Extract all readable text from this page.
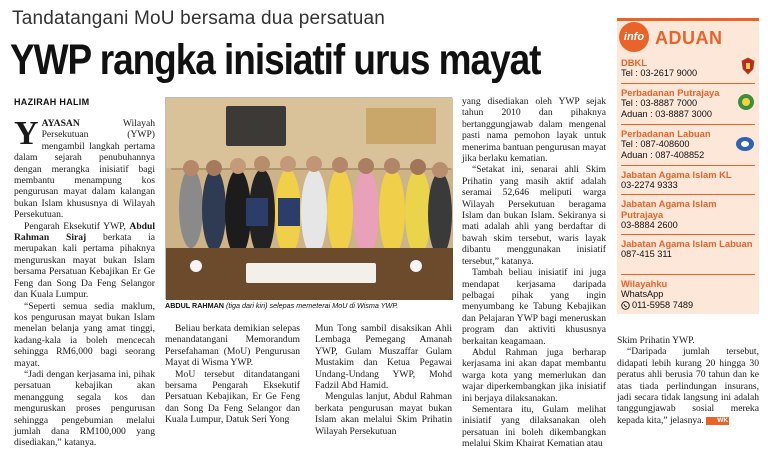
Tandatangani MoU bersama dua persatuan
YWP rangka inisiatif urus mayat
HAZIRAH HALIM

YAYASAN Wilayah Persekutuan (YWP) mengambil langkah pertama dalam sejarah penubuhannya dengan merangka inisiatif bagi membantu menampung kos pengurusan mayat dalam kalangan bukan Islam khususnya di Wilayah Persekutuan.

Pengarah Eksekutif YWP, Abdul Rahman Siraj berkata ia merupakan kali pertama pihaknya menguruskan mayat bukan Islam bersama Persatuan Kebajikan Er Ge Feng dan Song Da Feng Selangor dan Kuala Lumpur.

“Seperti semua sedia maklum, kos pengurusan mayat bukan Islam menelan belanja yang amat tinggi, kadang-kala ia boleh mencecah sehingga RM6,000 bagi seorang mayat.

“Jadi dengan kerjasama ini, pihak persatuan kebajikan akan menanggung segala kos dan menguruskan proses pengurusan sehingga pengebumian melalui jumlah dana RM100,000 yang disediakan,” katanya.

ABDUL RAHMAN (tiga dari kiri) selepas memeterai MoU di Wisma YWP.

Beliau berkata demikian selepas menandatangani Memorandum Persefahaman (MoU) Pengurusan Mayat di Wisma YWP.

MoU tersebut ditandatangani bersama Pengarah Eksekutif Persatuan Kebajikan, Er Ge Feng dan Song Da Feng Selangor dan Kuala Lumpur, Datuk Seri Yong

Mun Tong sambil disaksikan Ahli Lembaga Pemegang Amanah YWP, Gulam Muszaffar Gulam Mustakim dan Ketua Pegawai Undang-Undang YWP, Mohd Fadzil Abd Hamid.

Mengulas lanjut, Abdul Rahman berkata pengurusan mayat bukan Islam akan melalui Skim Prihatin Wilayah Persekutuan

yang disediakan oleh YWP sejak tahun 2010 dan pihaknya bertanggungjawab dalam mengenal pasti nama pemohon layak untuk menerima bantuan pengurusan mayat jika berlaku kematian.

“Setakat ini, senarai ahli Skim Prihatin yang masih aktif adalah seramai 52,646 meliputi warga Wilayah Persekutuan beragama Islam dan bukan Islam. Sekiranya si mati adalah ahli yang berdaftar di bawah skim tersebut, waris layak dibantu menggunakan inisiatif tersebut,” katanya.

Tambah beliau inisiatif ini juga mendapat kerjasama daripada pelbagai pihak yang ingin menyumbang ke Tabung Kebajikan dan Pelajaran YWP bagi meneruskan program dan aktiviti khususnya berkaitan keagamaan.

Abdul Rahman juga berharap kerjasama ini akan dapat membantu warga kota yang memerlukan dan wajar diperkembangkan jika inisiatif ini berjaya dilaksanakan.

Sementara itu, Gulam melihat inisiatif yang dilaksanakan oleh persatuan ini boleh dikembangkan melalui Skim Khairat Kematian atau

Skim Prihatin YWP.

“Daripada jumlah tersebut, didapati lebih kurang 20 hingga 30 peratus ahli berusia 70 tahun dan ke atas tiada perlindungan insurans, jadi secara tidak langsung ini adalah tanggungjawab sosial mereka kepada kita,” jelasnya. WK

info ADUAN
DBKL
Tel : 03-2617 9000
Perbadanan Putrajaya
Tel : 03-8887 7000
Aduan : 03-8887 3000
Perbadanan Labuan
Tel : 087-408600
Aduan : 087-408852
Jabatan Agama Islam KL
03-2274 9333
Jabatan Agama Islam Putrajaya
03-8884 2600
Jabatan Agama Islam Labuan
087-415 311
Wilayahku
WhatsApp
011-5958 7489
